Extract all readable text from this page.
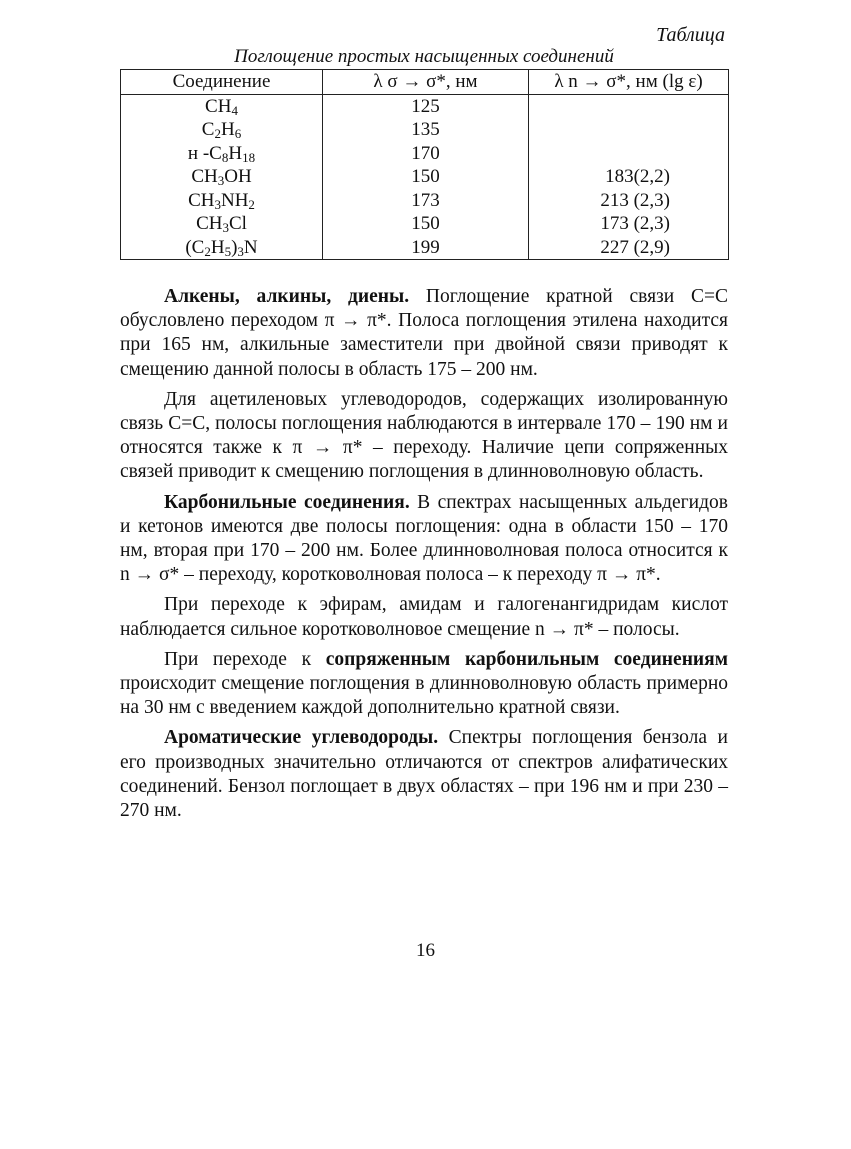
Таблица
Поглощение простых насыщенных соединений
Соединение	λ σ → σ*, нм	λ n → σ*, нм (lg ε)
$CH_4$	125	
$C_2H_6$	135	
н $-C_8H_{18}$	170	
$CH_3OH$	150	183(2,2)
$CH_3NH_2$	173	213 (2,3)
$CH_3Cl$	150	173 (2,3)
$(C_2H_5)_3N$	199	227 (2,9)

Алкены, алкины, диены. Поглощение кратной связи С=С обусловлено переходом π → π*. Полоса поглощения этилена находится при 165 нм, алкильные заместители при двойной связи приводят к смещению данной полосы в область 175 – 200 нм.

Для ацетиленовых углеводородов, содержащих изолированную связь С=С, полосы поглощения наблюдаются в интервале 170 – 190 нм и относятся также к π → π* – переходу. Наличие цепи сопряженных связей приводит к смещению поглощения в длинноволновую область.

Карбонильные соединения. В спектрах насыщенных альдегидов и кетонов имеются две полосы поглощения: одна в области 150 – 170 нм, вторая при 170 – 200 нм. Более длинноволновая полоса относится к n → σ* – переходу, коротковолновая полоса – к переходу π → π*.

При переходе к эфирам, амидам и галогенангидридам кислот наблюдается сильное коротковолновое смещение n → π* – полосы.

При переходе к сопряженным карбонильным соединениям происходит смещение поглощения в длинноволновую область примерно на 30 нм с введением каждой дополнительно кратной связи.

Ароматические углеводороды. Спектры поглощения бензола и его производных значительно отличаются от спектров алифатических соединений. Бензол поглощает в двух областях – при 196 нм и при 230 – 270 нм.

16
